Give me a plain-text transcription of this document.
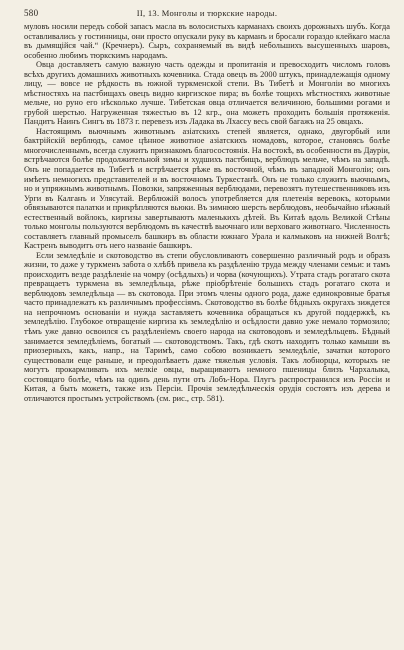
580	II, 13. Монголы и тюркские народы.

муловъ носили передъ собой запасъ масла въ волосистыхъ карманахъ своихъ дорожныхъ шубъ. Когда оставливались у гостинницы, они просто опускали руку въ карманъ и бросали гораздо клейкаго масла въ дымящійся чай.“ (Кречнеръ). Сыръ, сохраняемый въ видѣ небольшихъ высушенныхъ шаровъ, особенно любимъ тюркскимъ народамъ.

Овца доставляетъ самую важную часть одежды и пропитанія и превосходитъ числомъ головъ всѣхъ другихъ домашнихъ животныхъ кочевника. Стада овецъ въ 2000 штукъ, принадлежащія одному лицу, — вовсе не рѣдкость въ южной туркменской степи. Въ Тибетѣ и Монголіи во многихъ мѣстностяхъ на пастбищахъ овецъ видно киргизское пира; въ болѣе тощихъ мѣстностяхъ животные мельче, но руно его нѣсколько лучше. Тибетская овца отличается величиною, большими рогами и грубой шерстью. Нагруженная тяжестью въ 12 кгр., она можетъ проходить большія протяженія. Пандитъ Наинъ Сингъ въ 1873 г. перевезъ изъ Ладака въ Лхассу весь свой багажъ на 25 овцахъ.

Настоящимъ вьючнымъ животнымъ азіатскихъ степей является, однако, двугорбый или бактрійскій верблюдъ, самое цѣнное животное азіатскихъ номадовъ, которое, становясь болѣе многочисленнымъ, всегда служитъ признакомъ благосостоянія. На востокѣ, въ особенности въ Дауріи, встрѣчаются болѣе продолжительной зимы и худшихъ пастбищъ, верблюдъ мельче, чѣмъ на западѣ. Онъ не попадается въ Тибетѣ и встрѣчается рѣже въ восточной, чѣмъ въ западной Монголіи; онъ имѣетъ немногихъ представителей и въ восточномъ Туркестанѣ. Онъ не только служитъ вьючнымъ, но и упряжнымъ животнымъ. Повозки, запряженныя верблюдами, перевозятъ путешественниковъ изъ Урги въ Калганъ и Улясутай. Верблюжій волосъ употребляется для плетенія веревокъ, которыми обвязываются палатки и прикрѣпляются вьюки. Въ зимнюю шерсть верблюдовъ, необычайно нѣжный естественный войлокъ, киргизы завертываютъ маленькихъ дѣтей. Въ Китаѣ вдоль Великой Стѣны только монголы пользуются верблюдомъ въ качествѣ вьючнаго или верховаго животнаго. Численность составляетъ главный промыселъ башкиръ въ области южнаго Урала и калмыковъ на нижней Волгѣ; Кастренъ выводитъ отъ него названіе башкиръ.

Если земледѣліе и скотоводство въ степи обусловливаютъ совершенно различный родъ и образъ жизни, то даже у туркменъ забота о хлѣбѣ привела къ раздѣленію труда между членами семьи: и тамъ происходитъ везде раздѣленіе на чомру (осѣдлыхъ) и чорва (кочующихъ). Утрата стадъ рогатаго скота превращаетъ туркмена въ земледѣльца, рѣже пріобрѣтеніе большихъ стадъ рогатаго скота и верблюдовъ земледѣльца — въ скотовода. При этомъ члены одного рода, даже единокровные братья часто принадлежатъ къ различнымъ профессіямъ. Скотоводство въ болѣе бѣдныхъ округахъ зиждется на непрочномъ основаніи и нужда заставляетъ кочевника обращаться къ другой поддержкѣ, къ земледѣлію. Глубокое отвращеніе киргиза къ земледѣлію и осѣдлости давно уже немало тормозило; тѣмъ уже давно освоился съ раздѣленіемъ своего народа на скотоводовъ и земледѣльцевъ. Бѣдный занимается земледѣліемъ, богатый — скотоводствомъ. Такъ, гдѣ скотъ находитъ только камыши въ приозерныхъ, какъ, напр., на Таримѣ, само собою возникаетъ земледѣліе, зачатки которого существовали еще раньше, и преодолѣваетъ даже тяжелыя условія. Такъ лобнорцы, которыхъ не могутъ прокармливать ихъ мелкіе овцы, выращиваютъ немного пшеницы близъ Чархалыка, состоящаго болѣе, чѣмъ на одинъ день пути отъ Лобъ-Нора. Плугъ распространился изъ Россіи и Китая, а быть можетъ, также изъ Персіи. Прочія земледѣльческія орудія состоятъ изъ дерева и отличаются простымъ устройствомъ (см. рис., стр. 581).
